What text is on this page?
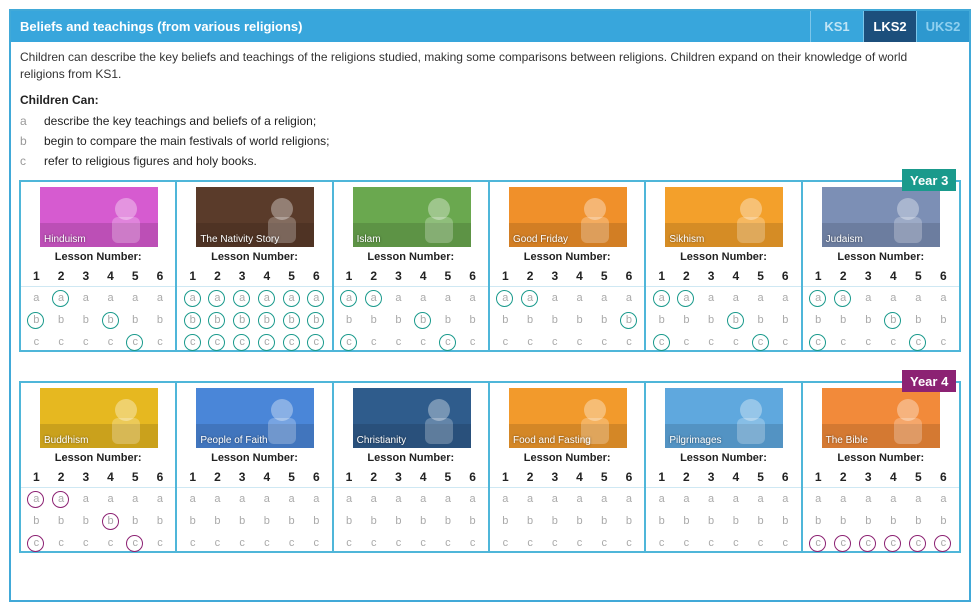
Beliefs and teachings (from various religions)	KS1	LKS2	UKS2
Children can describe the key beliefs and teachings of the religions studied, making some comparisons between religions. Children expand on their knowledge of world religions from KS1.
Children Can:
a	describe the key teachings and beliefs of a religion;
b	begin to compare the main festivals of world religions;
c	refer to religious figures and holy books.
Hinduism
Lesson Number:
1	2	3	4	5	6
a	a	a	a	a	a
b	b	b	b	b	b
c	c	c	c	c	c
The Nativity Story
Lesson Number:
1	2	3	4	5	6
a	a	a	a	a	a
b	b	b	b	b	b
c	c	c	c	c	c
Islam
Lesson Number:
1	2	3	4	5	6
a	a	a	a	a	a
b	b	b	b	b	b
c	c	c	c	c	c
Good Friday
Lesson Number:
1	2	3	4	5	6
a	a	a	a	a	a
b	b	b	b	b	b
c	c	c	c	c	c
Sikhism
Lesson Number:
1	2	3	4	5	6
a	a	a	a	a	a
b	b	b	b	b	b
c	c	c	c	c	c
Judaism
Lesson Number:
1	2	3	4	5	6
a	a	a	a	a	a
b	b	b	b	b	b
c	c	c	c	c	c
Year 3
Buddhism
Lesson Number:
1	2	3	4	5	6
a	a	a	a	a	a
b	b	b	b	b	b
c	c	c	c	c	c
People of Faith
Lesson Number:
1	2	3	4	5	6
a	a	a	a	a	a
b	b	b	b	b	b
c	c	c	c	c	c
Christianity
Lesson Number:
1	2	3	4	5	6
a	a	a	a	a	a
b	b	b	b	b	b
c	c	c	c	c	c
Food and Fasting
Lesson Number:
1	2	3	4	5	6
a	a	a	a	a	a
b	b	b	b	b	b
c	c	c	c	c	c
Pilgrimages
Lesson Number:
1	2	3	4	5	6
a	a	a	a	a	a
b	b	b	b	b	b
c	c	c	c	c	c
The Bible
Lesson Number:
1	2	3	4	5	6
a	a	a	a	a	a
b	b	b	b	b	b
c	c	c	c	c	c
Year 4
